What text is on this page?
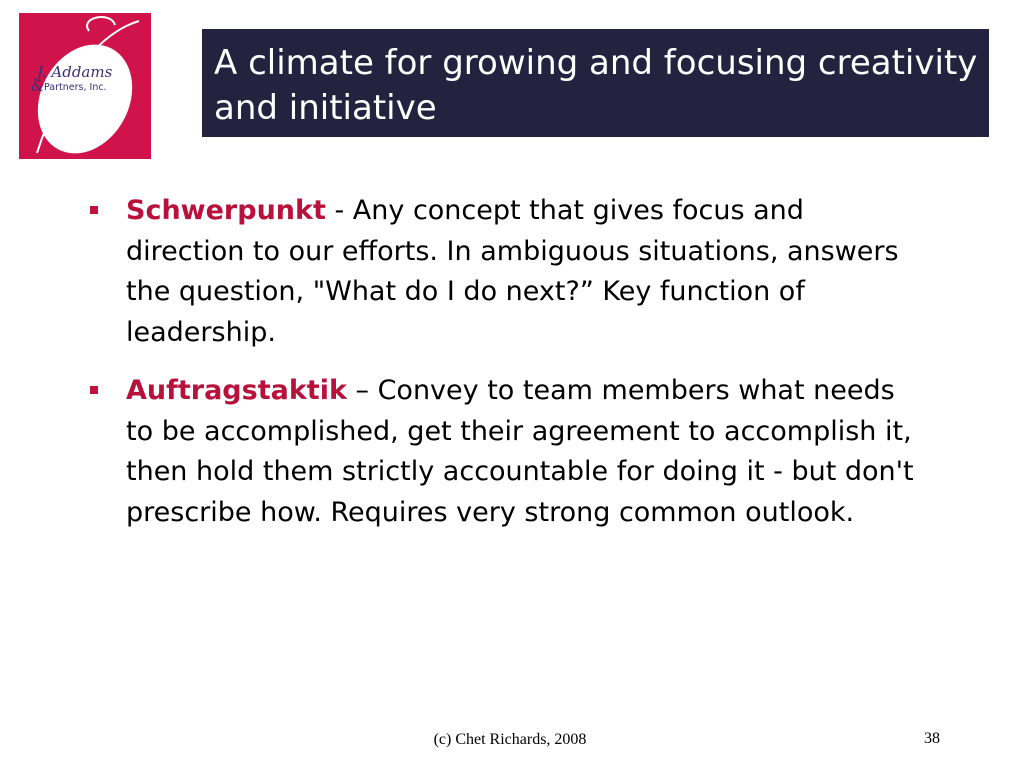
J. Addams
& Partners, Inc.
A climate for growing and focusing creativity and initiative
Schwerpunkt - Any concept that gives focus and direction to our efforts. In ambiguous situations, answers the question, "What do I do next?” Key function of leadership.
Auftragstaktik – Convey to team members what needs to be accomplished, get their agreement to accomplish it, then hold them strictly accountable for doing it - but don't prescribe how. Requires very strong common outlook.
(c) Chet Richards, 2008	38
